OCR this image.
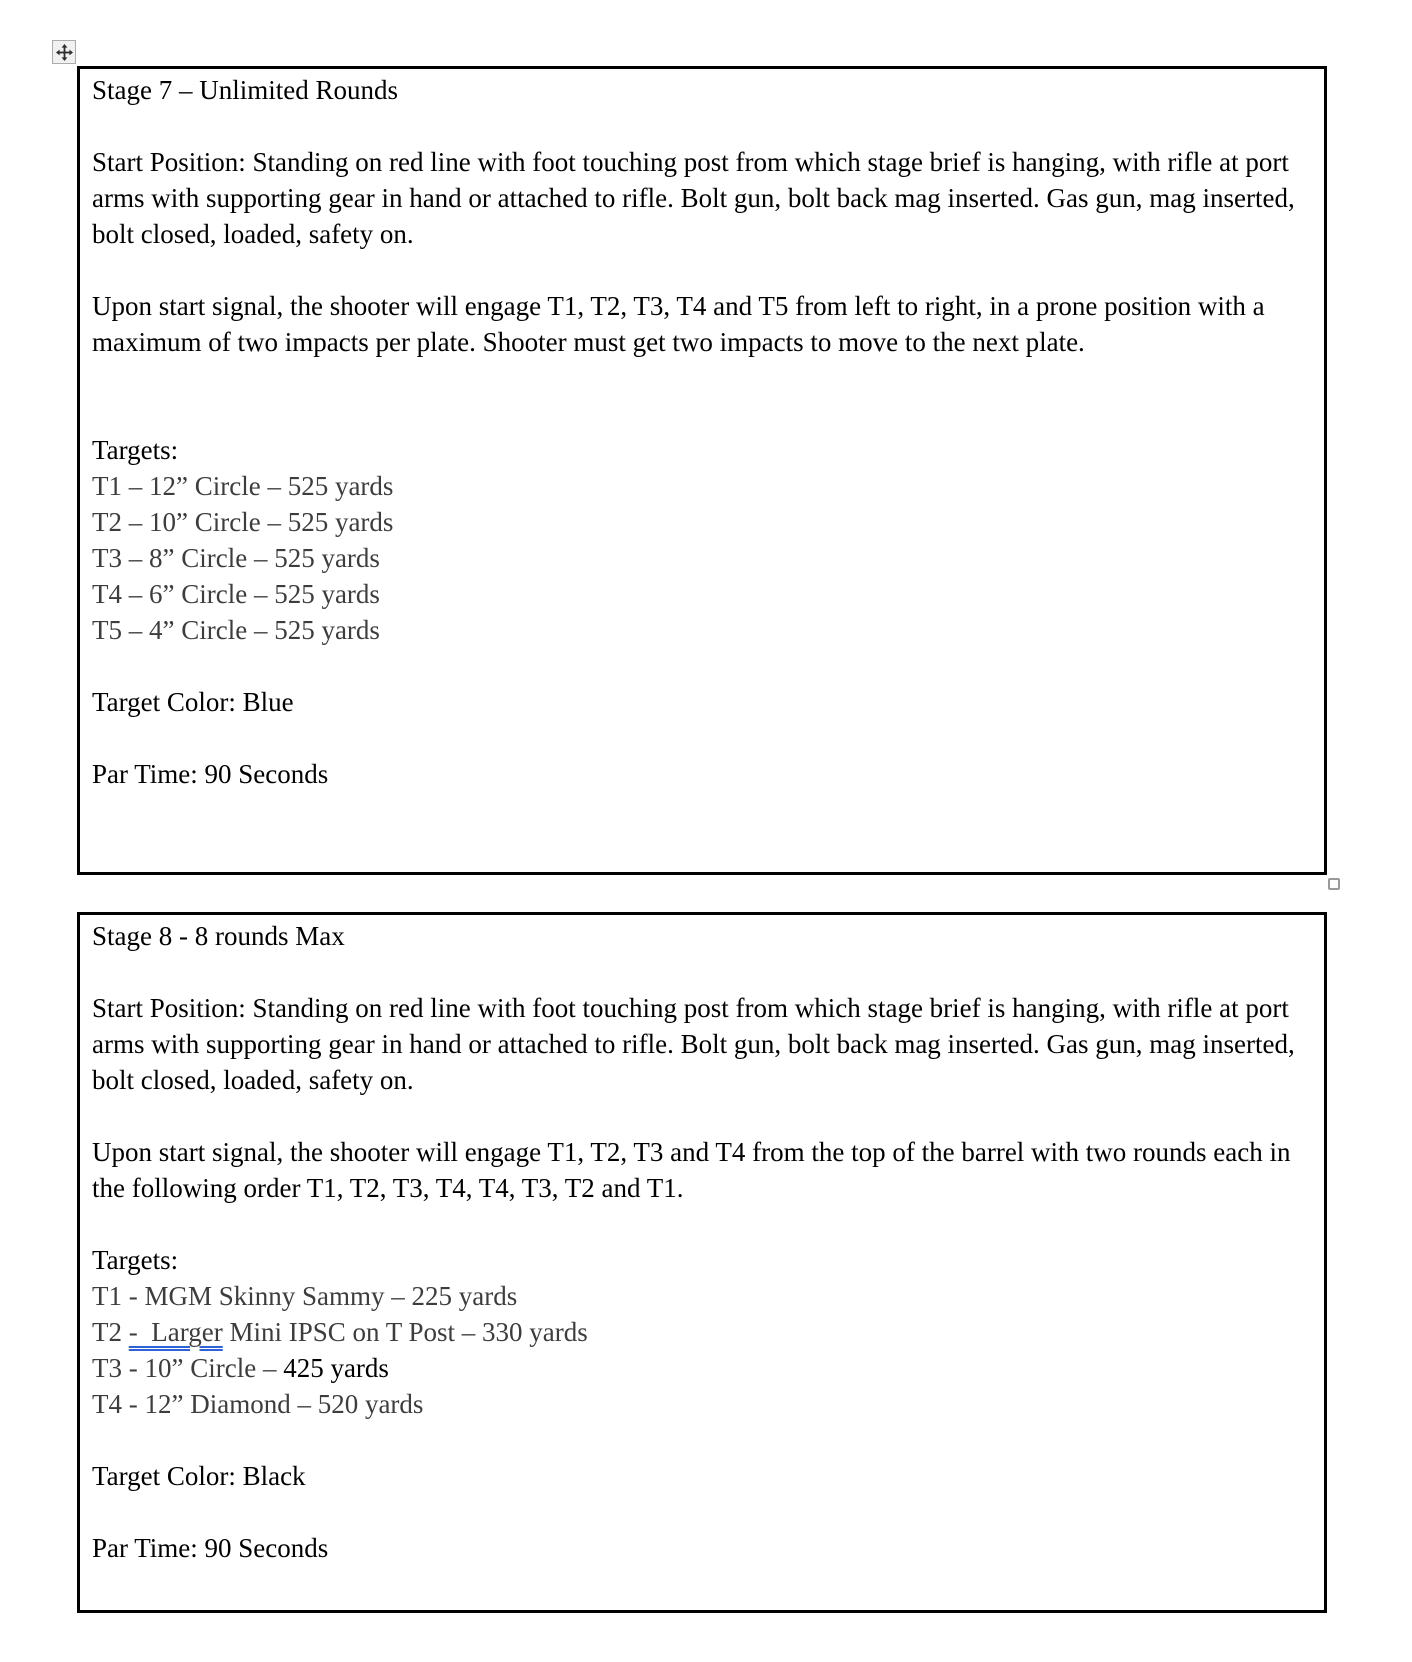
Stage 7 – Unlimited Rounds

Start Position: Standing on red line with foot touching post from which stage brief is hanging, with rifle at port arms with supporting gear in hand or attached to rifle. Bolt gun, bolt back mag inserted. Gas gun, mag inserted, bolt closed, loaded, safety on.

Upon start signal, the shooter will engage T1, T2, T3, T4 and T5 from left to right, in a prone position with a maximum of two impacts per plate. Shooter must get two impacts to move to the next plate.

Targets:
T1 – 12” Circle – 525 yards
T2 – 10” Circle – 525 yards
T3 – 8” Circle – 525 yards
T4 – 6” Circle – 525 yards
T5 – 4” Circle – 525 yards

Target Color: Blue

Par Time: 90 Seconds

Stage 8 - 8 rounds Max

Start Position: Standing on red line with foot touching post from which stage brief is hanging, with rifle at port arms with supporting gear in hand or attached to rifle. Bolt gun, bolt back mag inserted. Gas gun, mag inserted, bolt closed, loaded, safety on.

Upon start signal, the shooter will engage T1, T2, T3 and T4 from the top of the barrel with two rounds each in the following order T1, T2, T3, T4, T4, T3, T2 and T1.

Targets:
T1 - MGM Skinny Sammy – 225 yards
T2 -  Larger Mini IPSC on T Post – 330 yards
T3 - 10” Circle – 425 yards
T4 - 12” Diamond – 520 yards

Target Color: Black

Par Time: 90 Seconds
